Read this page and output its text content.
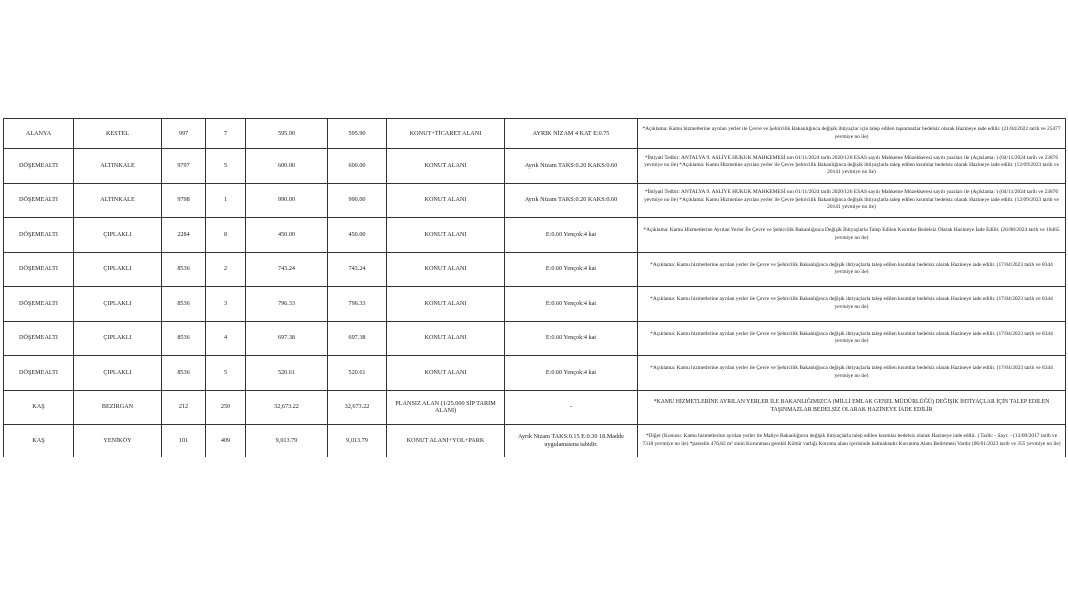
ALANYA	KESTEL	997	7	595.90	595.90	KONUT+TİCARET ALANI	AYRIK NİZAM 4 KAT E:0.75	*Açıklama: Kamu hizmetlerine ayrılan yerler ile Çevre ve Şehircilik Bakanlığınca değişik ihtiyaçlar için talep edilen taşınmazlar bedelsiz olarak Hazineye iade edilir. (21/04/2022 tarih ve 25477 yevmiye no ile)
DÖŞEMEALTI	ALTINKALE	9797	5	600.00	600.00	KONUT ALANI	Ayrık Nizam TAKS:0.20 KAKS:0.60	*İhtiyati Tedbir: ANTALYA 9. ASLİYE HUKUK MAHKEMESİ nın 01/11/2024 tarih 2020/126 ESAS sayılı Mahkeme Müzekkeresi sayılı yazıları ile (Açıklama: ) (04/11/2024 tarih ve 23876 yevmiye no ile) *Açıklama: Kamu Hizmetine ayrılan yerler ile Çevre Şehircilik Bakanlığınca değişik ihtiyaçlarla talep edilen kısımlar bedelsiz olarak Hazineye iade edilir. (12/09/2023 tarih ve 20141 yevmiye no ile)
DÖŞEMEALTI	ALTINKALE	9798	1	990.00	990.00	KONUT ALANI	Ayrık Nizam TAKS:0.20 KAKS:0.60	*İhtiyati Tedbir: ANTALYA 9. ASLİYE HUKUK MAHKEMESİ nın 01/11/2024 tarih 2020/126 ESAS sayılı Mahkeme Müzekkeresi sayılı yazıları ile (Açıklama: ) (04/11/2024 tarih ve 23876 yevmiye no ile) *Açıklama: Kamu Hizmetine ayrılan yerler ile Çevre Şehircilik Bakanlığınca değişik ihtiyaçlarla talep edilen kısımlar bedelsiz olarak Hazineye iade edilir. (12/09/2023 tarih ve 20141 yevmiye no ile)
DÖŞEMEALTI	ÇIPLAKLI	2284	8	450.00	450.00	KONUT ALANI	E:0.60 Yençok:4 kat	*Açıklama: Kamu Hizmetlerine Ayrılan Yerler İle Çevre ve Şehircilik Bakanlığınca Değişik İhtiyaçlarla Talep Edilen Kısımlar Bedelsiz Olarak Hazineye İade Edilir. (26/08/2024 tarih ve 18465 yevmiye no ile)
DÖŞEMEALTI	ÇIPLAKLI	8536	2	743.24	743.24	KONUT ALANI	E:0.60 Yençok:4 kat	*Açıklama: Kamu hizmetlerine ayrılan yerler ile Çevre ve Şehircilik Bakanlığınca değişik ihtiyaçlarla talep edilen kısımlar bedelsiz olarak Hazineye iade edilir. (17/04/2023 tarih ve 8344 yevmiye no ile)
DÖŞEMEALTI	ÇIPLAKLI	8536	3	796.33	796.33	KONUT ALANI	E:0.60 Yençok:4 kat	*Açıklama: Kamu hizmetlerine ayrılan yerler ile Çevre ve Şehircilik Bakanlığınca değişik ihtiyaçlarla talep edilen kısımlar bedelsiz olarak Hazineye iade edilir. (17/04/2023 tarih ve 8344 yevmiye no ile)
DÖŞEMEALTI	ÇIPLAKLI	8536	4	697.38	697.38	KONUT ALANI	E:0.60 Yençok:4 kat	*Açıklama: Kamu hizmetlerine ayrılan yerler ile Çevre ve Şehircilik Bakanlığınca değişik ihtiyaçlarla talep edilen kısımlar bedelsiz olarak Hazineye iade edilir. (17/04/2023 tarih ve 8344 yevmiye no ile)
DÖŞEMEALTI	ÇIPLAKLI	8536	5	520.61	520.61	KONUT ALANI	E:0.60 Yençok:4 kat	*Açıklama: Kamu hizmetlerine ayrılan yerler ile Çevre ve Şehircilik Bakanlığınca değişik ihtiyaçlarla talep edilen kısımlar bedelsiz olarak Hazineye iade edilir. (17/04/2023 tarih ve 8344 yevmiye no ile)
KAŞ	BEZİRGAN	212	250	32,673.22	32,673.22	PLANSIZ ALAN (1/25.000 SİP TARIM ALANI)	-	*KAMU HİZMETLERİNE AYRILAN YERLER İLE BAKANLIĞIMIZCA (MİLLİ EMLAK GENEL MÜDÜRLÜĞÜ) DEĞİŞİK İHTİYAÇLAR İÇİN TALEP EDİLEN TAŞINMAZLAR BEDELSİZ OLARAK HAZİNEYE İADE EDİLİR
KAŞ	YENİKÖY	101	409	9,013.79	9,013.79	KONUT ALANI+YOL+PARK	Ayrık Nizam TAKS:0.15 E:0.30 18.Madde uygulamasına tabidir.	*Diğer (Konusu: Kamu hizmetlerine ayrılan yerler ile Maliye Bakanlığınca değişik ihtiyaçlarla talep edilen kısımlar bedelsiz olarak Hazineye iade edilir. ) Tarih: - Sayı: - (13/09/2017 tarih ve 7318 yevmiye no ile) *parselin 476,82 m² sinin Korunması gerekli Kültür varlığı Koruma alanı içerisinde kalmaktadır Korunma Alanı Belirtmesi Vardır (06/01/2023 tarih ve 355 yevmiye no ile)
